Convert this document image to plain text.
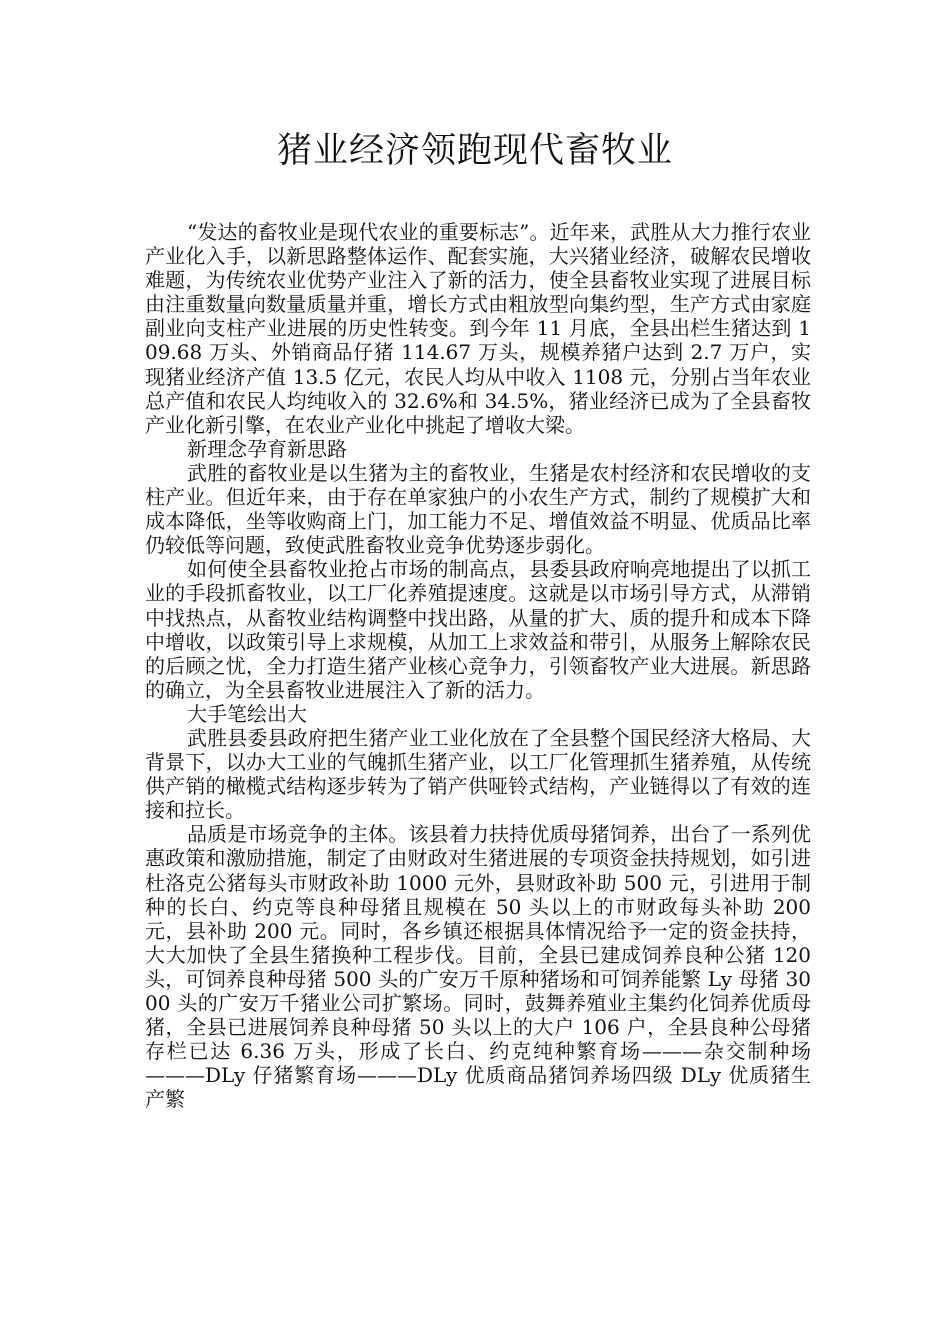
猪业经济领跑现代畜牧业

“发达的畜牧业是现代农业的重要标志”。近年来，武胜从大力推行农业产业化入手，以新思路整体运作、配套实施，大兴猪业经济，破解农民增收难题，为传统农业优势产业注入了新的活力，使全县畜牧业实现了进展目标由注重数量向数量质量并重，增长方式由粗放型向集约型，生产方式由家庭副业向支柱产业进展的历史性转变。到今年 11 月底，全县出栏生猪达到 109.68 万头、外销商品仔猪 114.67 万头，规模养猪户达到 2.7 万户，实现猪业经济产值 13.5 亿元，农民人均从中收入 1108 元，分别占当年农业总产值和农民人均纯收入的 32.6%和 34.5%，猪业经济已成为了全县畜牧产业化新引擎，在农业产业化中挑起了增收大梁。

新理念孕育新思路

武胜的畜牧业是以生猪为主的畜牧业，生猪是农村经济和农民增收的支柱产业。但近年来，由于存在单家独户的小农生产方式，制约了规模扩大和成本降低，坐等收购商上门，加工能力不足、增值效益不明显、优质品比率仍较低等问题，致使武胜畜牧业竞争优势逐步弱化。

如何使全县畜牧业抢占市场的制高点，县委县政府响亮地提出了以抓工业的手段抓畜牧业，以工厂化养殖提速度。这就是以市场引导方式，从滞销中找热点，从畜牧业结构调整中找出路，从量的扩大、质的提升和成本下降中增收，以政策引导上求规模，从加工上求效益和带引，从服务上解除农民的后顾之忧，全力打造生猪产业核心竞争力，引领畜牧产业大进展。新思路的确立，为全县畜牧业进展注入了新的活力。

大手笔绘出大

武胜县委县政府把生猪产业工业化放在了全县整个国民经济大格局、大背景下，以办大工业的气魄抓生猪产业，以工厂化管理抓生猪养殖，从传统供产销的橄榄式结构逐步转为了销产供哑铃式结构，产业链得以了有效的连接和拉长。

品质是市场竞争的主体。该县着力扶持优质母猪饲养，出台了一系列优惠政策和激励措施，制定了由财政对生猪进展的专项资金扶持规划，如引进杜洛克公猪每头市财政补助 1000 元外，县财政补助 500 元，引进用于制种的长白、约克等良种母猪且规模在 50 头以上的市财政每头补助 200 元，县补助 200 元。同时，各乡镇还根据具体情况给予一定的资金扶持，大大加快了全县生猪换种工程步伐。目前，全县已建成饲养良种公猪 120 头，可饲养良种母猪 500 头的广安万千原种猪场和可饲养能繁 Ly 母猪 3000 头的广安万千猪业公司扩繁场。同时，鼓舞养殖业主集约化饲养优质母猪，全县已进展饲养良种母猪 50 头以上的大户 106 户，全县良种公母猪存栏已达 6.36 万头，形成了长白、约克纯种繁育场———杂交制种场———DLy 仔猪繁育场———DLy 优质商品猪饲养场四级 DLy 优质猪生产繁
